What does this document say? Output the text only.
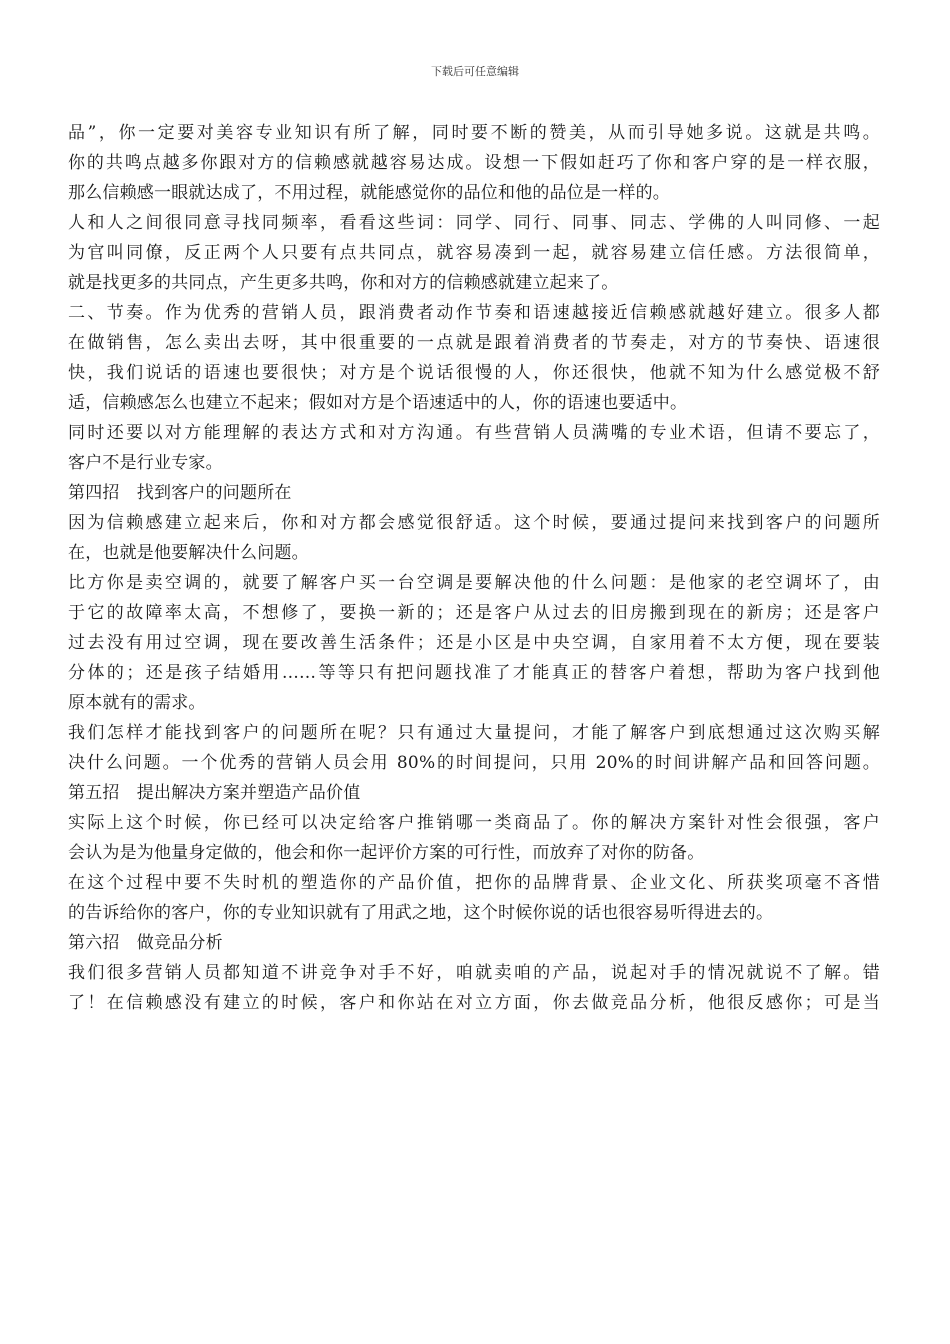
下载后可任意编辑
品”，你一定要对美容专业知识有所了解，同时要不断的赞美，从而引导她多说。这就是共鸣。
你的共鸣点越多你跟对方的信赖感就越容易达成。设想一下假如赶巧了你和客户穿的是一样衣服，
那么信赖感一眼就达成了，不用过程，就能感觉你的品位和他的品位是一样的。
人和人之间很同意寻找同频率，看看这些词：同学、同行、同事、同志、学佛的人叫同修、一起
为官叫同僚，反正两个人只要有点共同点，就容易凑到一起，就容易建立信任感。方法很简单，
就是找更多的共同点，产生更多共鸣，你和对方的信赖感就建立起来了。
二、节奏。作为优秀的营销人员，跟消费者动作节奏和语速越接近信赖感就越好建立。很多人都
在做销售，怎么卖出去呀，其中很重要的一点就是跟着消费者的节奏走，对方的节奏快、语速很
快，我们说话的语速也要很快；对方是个说话很慢的人，你还很快，他就不知为什么感觉极不舒
适，信赖感怎么也建立不起来；假如对方是个语速适中的人，你的语速也要适中。
同时还要以对方能理解的表达方式和对方沟通。有些营销人员满嘴的专业术语，但请不要忘了，
客户不是行业专家。
第四招　找到客户的问题所在
因为信赖感建立起来后，你和对方都会感觉很舒适。这个时候，要通过提问来找到客户的问题所
在，也就是他要解决什么问题。
比方你是卖空调的，就要了解客户买一台空调是要解决他的什么问题：是他家的老空调坏了，由
于它的故障率太高，不想修了，要换一新的；还是客户从过去的旧房搬到现在的新房；还是客户
过去没有用过空调，现在要改善生活条件；还是小区是中央空调，自家用着不太方便，现在要装
分体的；还是孩子结婚用……等等只有把问题找准了才能真正的替客户着想，帮助为客户找到他
原本就有的需求。
我们怎样才能找到客户的问题所在呢？只有通过大量提问，才能了解客户到底想通过这次购买解
决什么问题。一个优秀的营销人员会用 80%的时间提问，只用 20%的时间讲解产品和回答问题。
第五招　提出解决方案并塑造产品价值
实际上这个时候，你已经可以决定给客户推销哪一类商品了。你的解决方案针对性会很强，客户
会认为是为他量身定做的，他会和你一起评价方案的可行性，而放弃了对你的防备。
在这个过程中要不失时机的塑造你的产品价值，把你的品牌背景、企业文化、所获奖项毫不吝惜
的告诉给你的客户，你的专业知识就有了用武之地，这个时候你说的话也很容易听得进去的。
第六招　做竞品分析
我们很多营销人员都知道不讲竞争对手不好，咱就卖咱的产品，说起对手的情况就说不了解。错
了！在信赖感没有建立的时候，客户和你站在对立方面，你去做竞品分析，他很反感你；可是当
